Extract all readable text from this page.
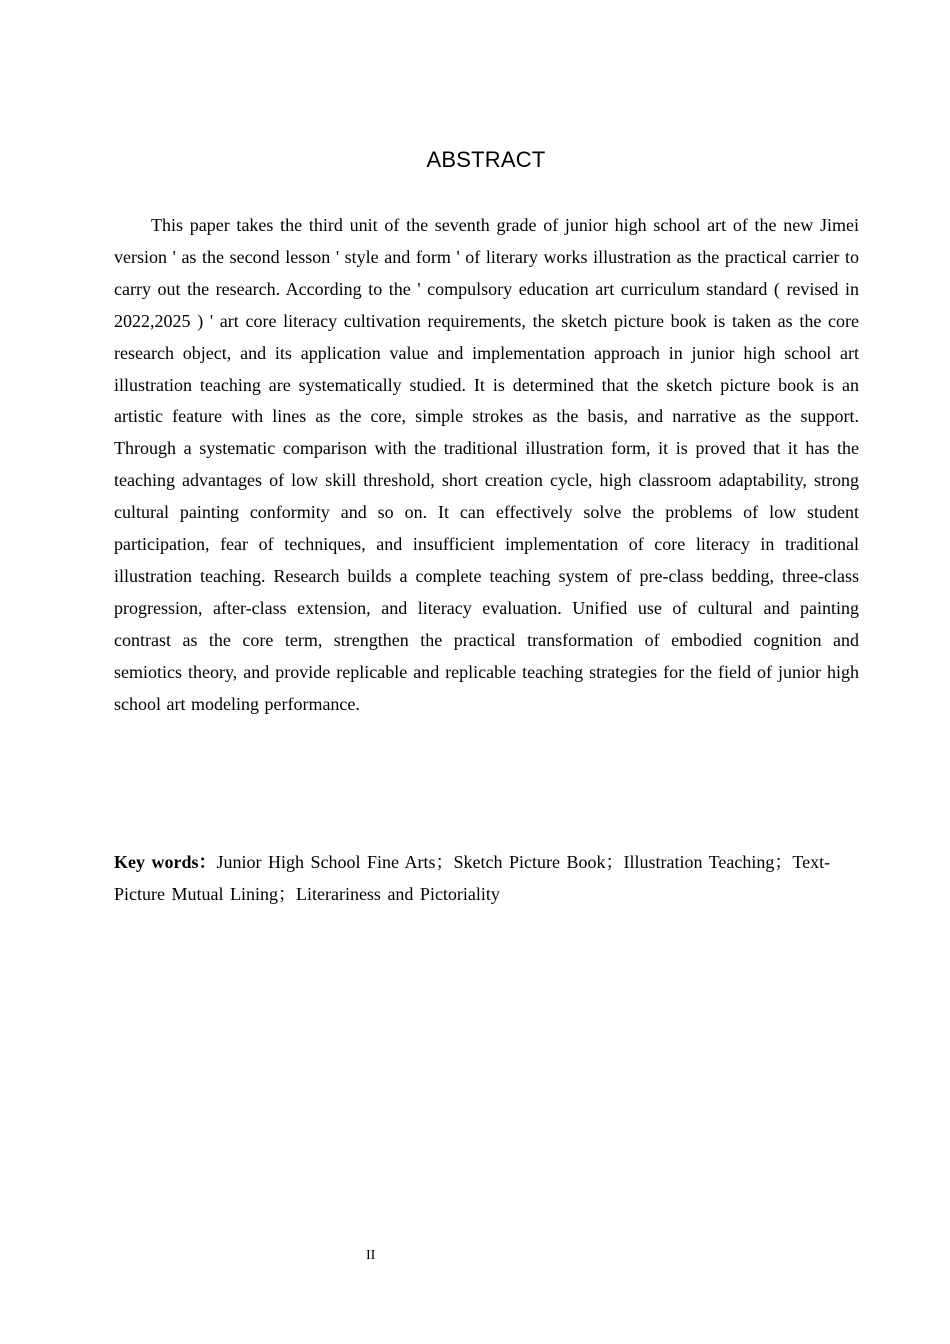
ABSTRACT

This paper takes the third unit of the seventh grade of junior high school art of the new Jimei version ' as the second lesson ' style and form ' of literary works illustration as the practical carrier to carry out the research. According to the ' compulsory education art curriculum standard ( revised in 2022,2025 ) ' art core literacy cultivation requirements, the sketch picture book is taken as the core research object, and its application value and implementation approach in junior high school art illustration teaching are systematically studied. It is determined that the sketch picture book is an artistic feature with lines as the core, simple strokes as the basis, and narrative as the support. Through a systematic comparison with the traditional illustration form, it is proved that it has the teaching advantages of low skill threshold, short creation cycle, high classroom adaptability, strong cultural painting conformity and so on. It can effectively solve the problems of low student participation, fear of techniques, and insufficient implementation of core literacy in traditional illustration teaching. Research builds a complete teaching system of pre-class bedding, three-class progression, after-class extension, and literacy evaluation. Unified use of cultural and painting contrast as the core term, strengthen the practical transformation of embodied cognition and semiotics theory, and provide replicable and replicable teaching strategies for the field of junior high school art modeling performance.

Key words：Junior High School Fine Arts；Sketch Picture Book；Illustration Teaching；Text-Picture Mutual Lining；Literariness and Pictoriality

II
